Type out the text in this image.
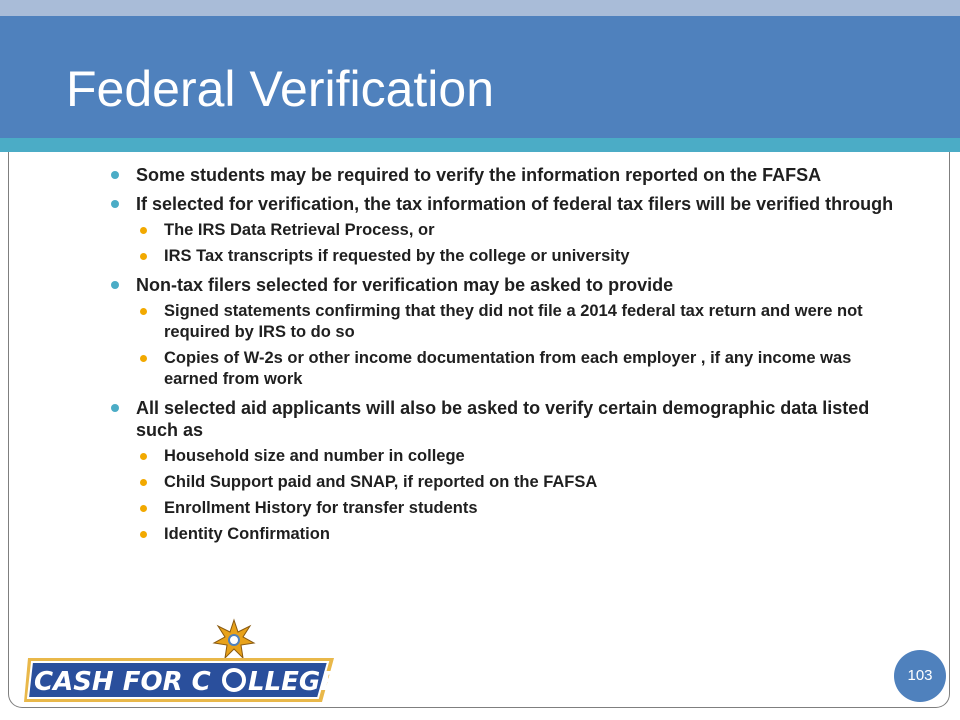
Federal Verification
Some students may be required to verify the information reported on the FAFSA
If selected for verification, the tax information of federal tax filers will be verified through
The IRS Data Retrieval Process, or
IRS Tax transcripts if requested by the college or university
Non-tax filers selected for verification may be asked to provide
Signed statements confirming that they did not file a 2014 federal tax return and were not required by IRS to do so
Copies of W-2s or other income documentation from each employer , if any income was earned from work
All selected aid applicants will also be asked to verify certain demographic data listed such as
Household size and number in college
Child Support paid and SNAP, if reported on the FAFSA
Enrollment History for transfer students
Identity Confirmation
CASH FOR C LLEGE	103
